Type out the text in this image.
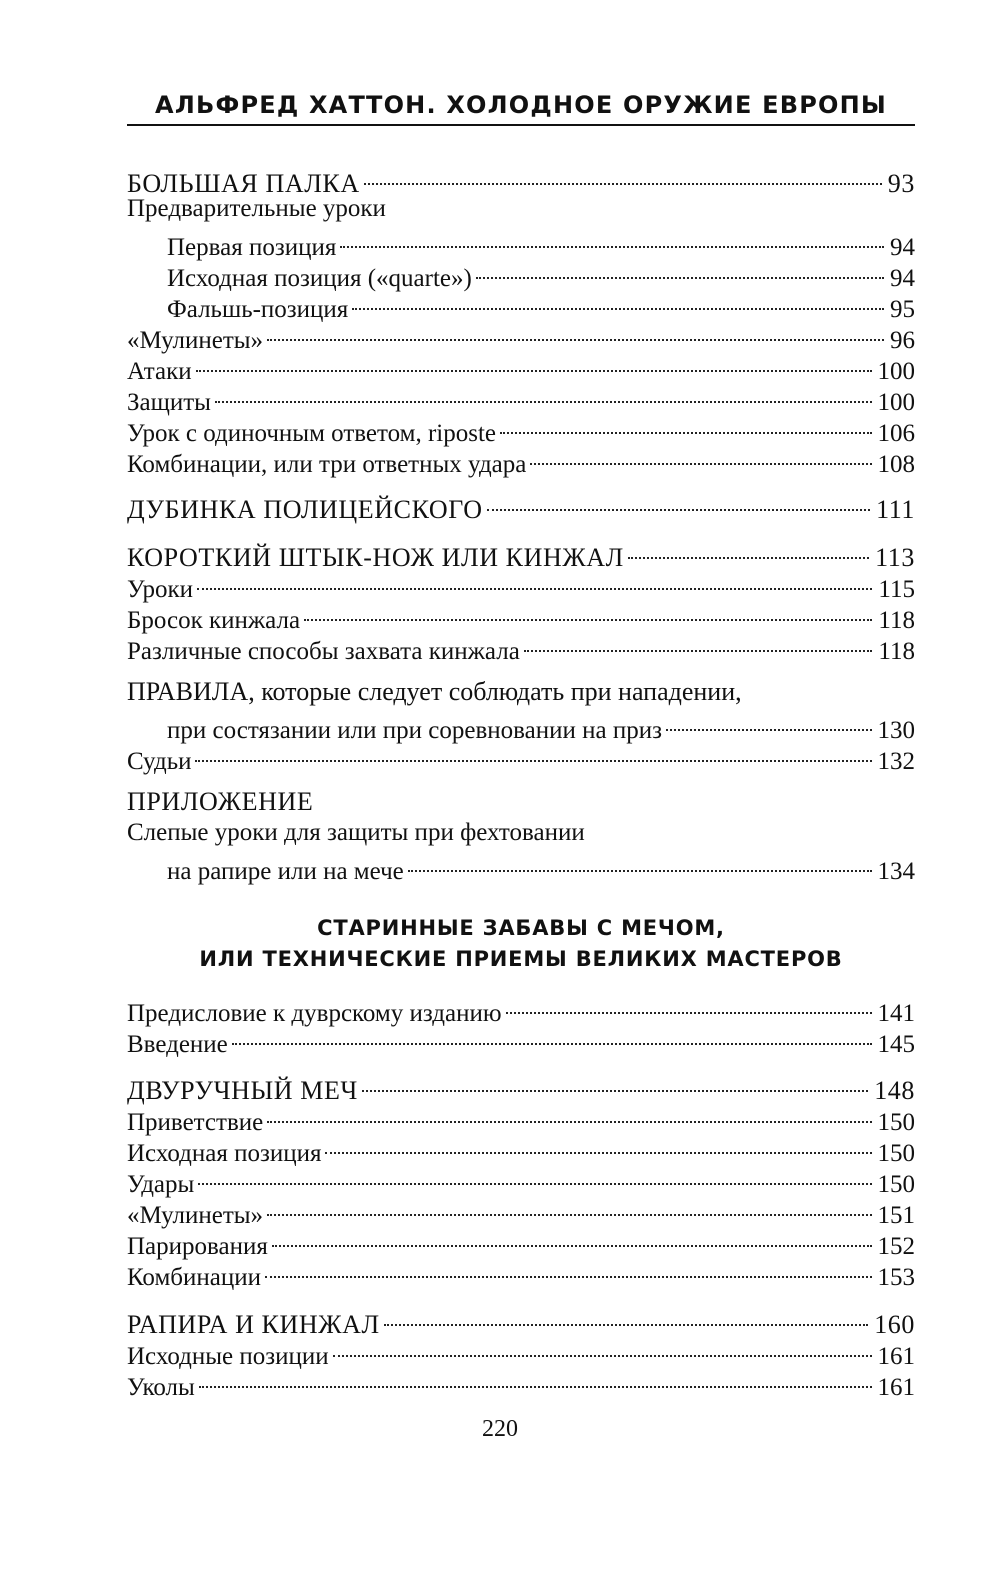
АЛЬФРЕД ХАТТОН. ХОЛОДНОЕ ОРУЖИЕ ЕВРОПЫ
БОЛЬШАЯ ПАЛКА	93
Предварительные уроки
Первая позиция	94
Исходная позиция («quarte»)	94
Фальшь-позиция	95
«Мулинеты»	96
Атаки	100
Защиты	100
Урок с одиночным ответом, riposte	106
Комбинации, или три ответных удара	108
ДУБИНКА ПОЛИЦЕЙСКОГО	111
КОРОТКИЙ ШТЫК-НОЖ ИЛИ КИНЖАЛ	113
Уроки	115
Бросок кинжала	118
Различные способы захвата кинжала	118
ПРАВИЛА, которые следует соблюдать при нападении,
при состязании или при соревновании на приз	130
Судьи	132
ПРИЛОЖЕНИЕ
Слепые уроки для защиты при фехтовании
на рапире или на мече	134
СТАРИННЫЕ ЗАБАВЫ С МЕЧОМ,
ИЛИ ТЕХНИЧЕСКИЕ ПРИЕМЫ ВЕЛИКИХ МАСТЕРОВ
Предисловие к дуврскому изданию	141
Введение	145
ДВУРУЧНЫЙ МЕЧ	148
Приветствие	150
Исходная позиция	150
Удары	150
«Мулинеты»	151
Парирования	152
Комбинации	153
РАПИРА И КИНЖАЛ	160
Исходные позиции	161
Уколы	161
220
